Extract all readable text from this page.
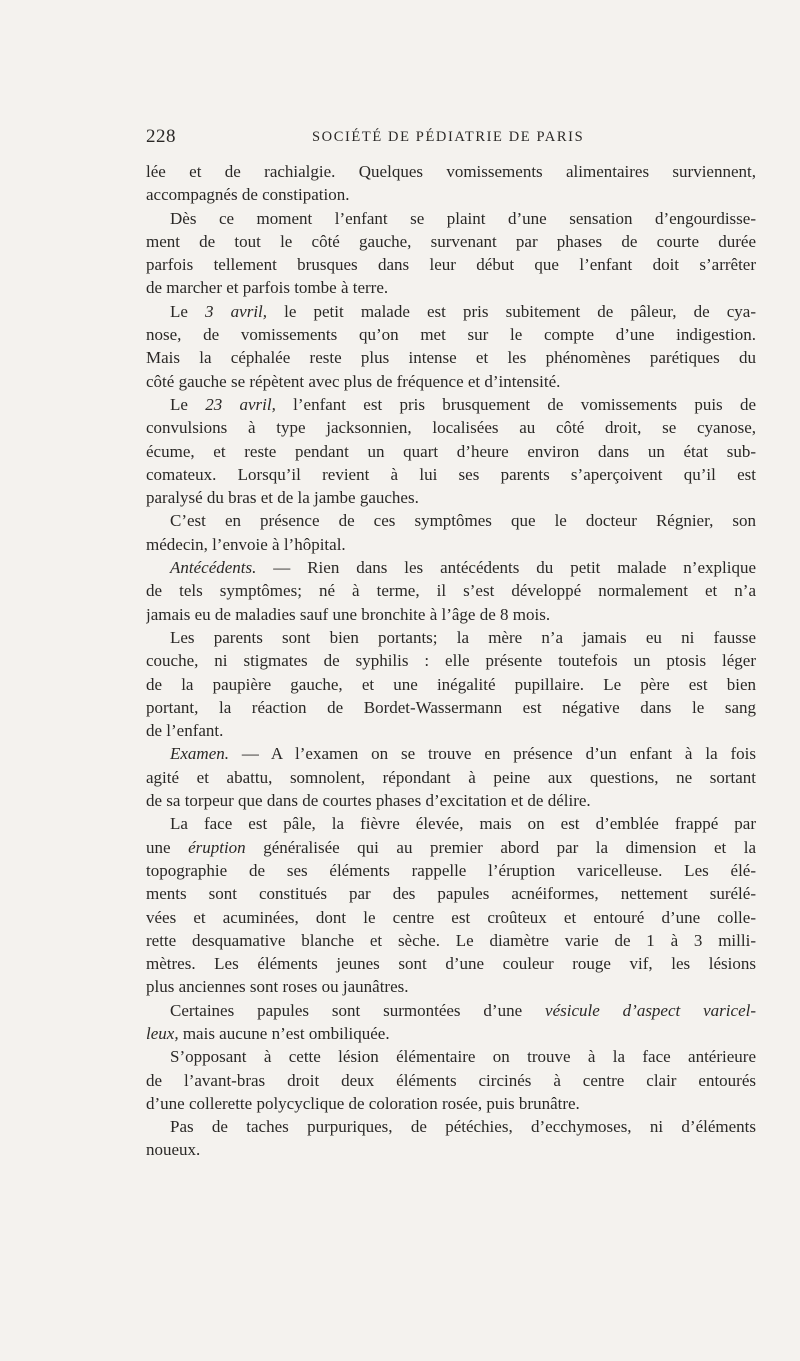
228	SOCIÉTÉ DE PÉDIATRIE DE PARIS
lée et de rachialgie. Quelques vomissements alimentaires surviennent,
accompagnés de constipation.
Dès ce moment l’enfant se plaint d’une sensation d’engourdisse-
ment de tout le côté gauche, survenant par phases de courte durée
parfois tellement brusques dans leur début que l’enfant doit s’arrêter
de marcher et parfois tombe à terre.
Le 3 avril, le petit malade est pris subitement de pâleur, de cya-
nose, de vomissements qu’on met sur le compte d’une indigestion.
Mais la céphalée reste plus intense et les phénomènes parétiques du
côté gauche se répètent avec plus de fréquence et d’intensité.
Le 23 avril, l’enfant est pris brusquement de vomissements puis de
convulsions à type jacksonnien, localisées au côté droit, se cyanose,
écume, et reste pendant un quart d’heure environ dans un état sub-
comateux. Lorsqu’il revient à lui ses parents s’aperçoivent qu’il est
paralysé du bras et de la jambe gauches.
C’est en présence de ces symptômes que le docteur Régnier, son
médecin, l’envoie à l’hôpital.
Antécédents. — Rien dans les antécédents du petit malade n’explique
de tels symptômes; né à terme, il s’est développé normalement et n’a
jamais eu de maladies sauf une bronchite à l’âge de 8 mois.
Les parents sont bien portants; la mère n’a jamais eu ni fausse
couche, ni stigmates de syphilis : elle présente toutefois un ptosis léger
de la paupière gauche, et une inégalité pupillaire. Le père est bien
portant, la réaction de Bordet-Wassermann est négative dans le sang
de l’enfant.
Examen. — A l’examen on se trouve en présence d’un enfant à la fois
agité et abattu, somnolent, répondant à peine aux questions, ne sortant
de sa torpeur que dans de courtes phases d’excitation et de délire.
La face est pâle, la fièvre élevée, mais on est d’emblée frappé par
une éruption généralisée qui au premier abord par la dimension et la
topographie de ses éléments rappelle l’éruption varicelleuse. Les élé-
ments sont constitués par des papules acnéiformes, nettement surélé-
vées et acuminées, dont le centre est croûteux et entouré d’une colle-
rette desquamative blanche et sèche. Le diamètre varie de 1 à 3 milli-
mètres. Les éléments jeunes sont d’une couleur rouge vif, les lésions
plus anciennes sont roses ou jaunâtres.
Certaines papules sont surmontées d’une vésicule d’aspect varicel-
leux, mais aucune n’est ombiliquée.
S’opposant à cette lésion élémentaire on trouve à la face antérieure
de l’avant-bras droit deux éléments circinés à centre clair entourés
d’une collerette polycyclique de coloration rosée, puis brunâtre.
Pas de taches purpuriques, de pétéchies, d’ecchymoses, ni d’éléments
noueux.
